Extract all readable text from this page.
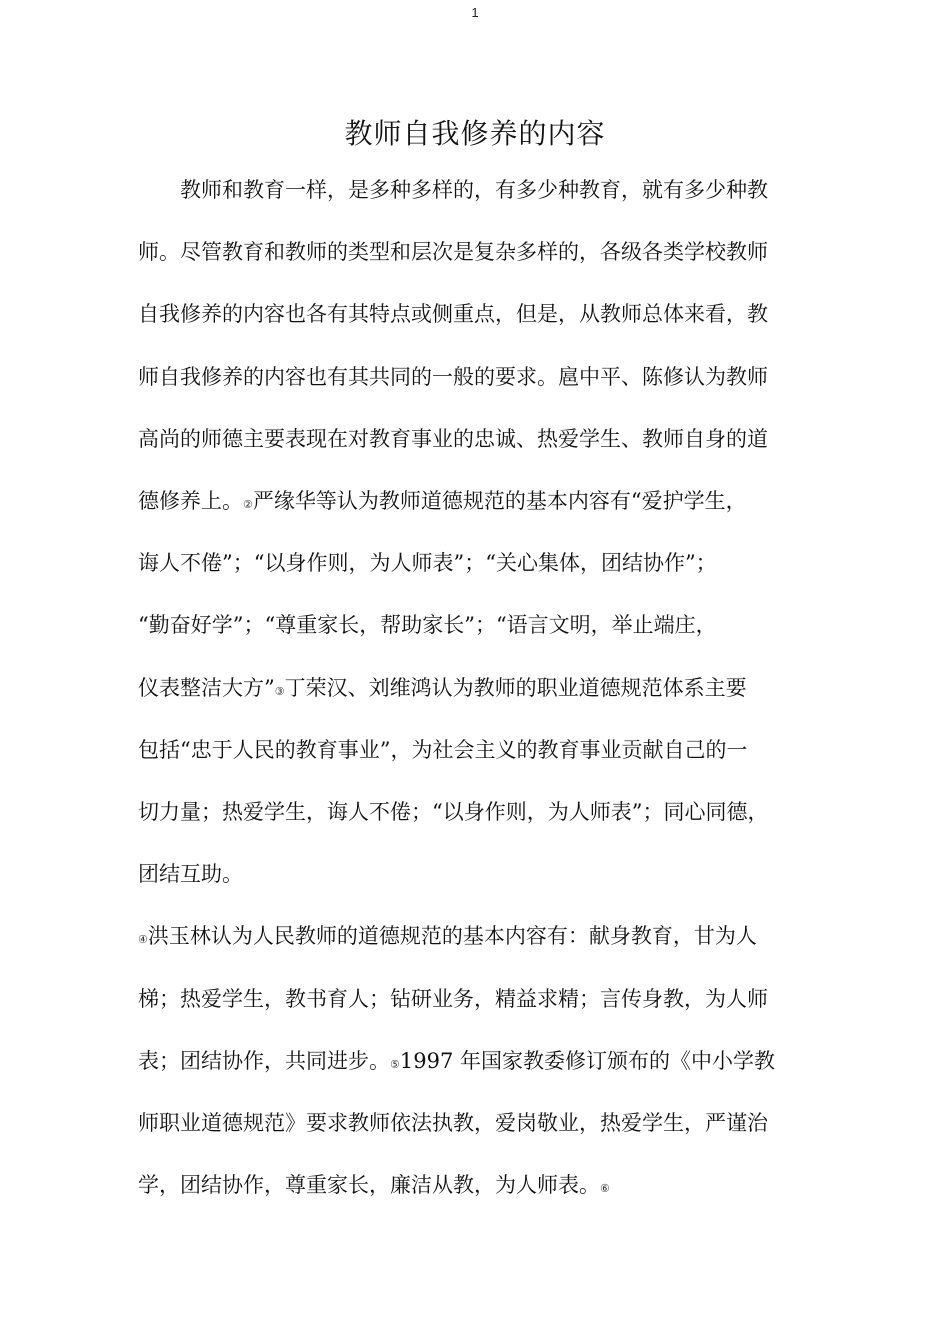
1
教师自我修养的内容
教师和教育一样，是多种多样的，有多少种教育，就有多少种教
师。尽管教育和教师的类型和层次是复杂多样的，各级各类学校教师
自我修养的内容也各有其特点或侧重点，但是，从教师总体来看，教
师自我修养的内容也有其共同的一般的要求。扈中平、陈修认为教师
高尚的师德主要表现在对教育事业的忠诚、热爱学生、教师自身的道
德修养上。②严缘华等认为教师道德规范的基本内容有“爱护学生，
诲人不倦”；“以身作则，为人师表”；“关心集体，团结协作”；
“勤奋好学”；“尊重家长，帮助家长”；“语言文明，举止端庄，
仪表整洁大方”③丁荣汉、刘维鸿认为教师的职业道德规范体系主要
包括“忠于人民的教育事业”，为社会主义的教育事业贡献自己的一
切力量；热爱学生，诲人不倦；“以身作则，为人师表”；同心同德，
团结互助。
④洪玉林认为人民教师的道德规范的基本内容有：献身教育，甘为人
梯；热爱学生，教书育人；钻研业务，精益求精；言传身教，为人师
表；团结协作，共同进步。⑤1997 年国家教委修订颁布的《中小学教
师职业道德规范》要求教师依法执教，爱岗敬业，热爱学生，严谨治
学，团结协作，尊重家长，廉洁从教，为人师表。⑥
